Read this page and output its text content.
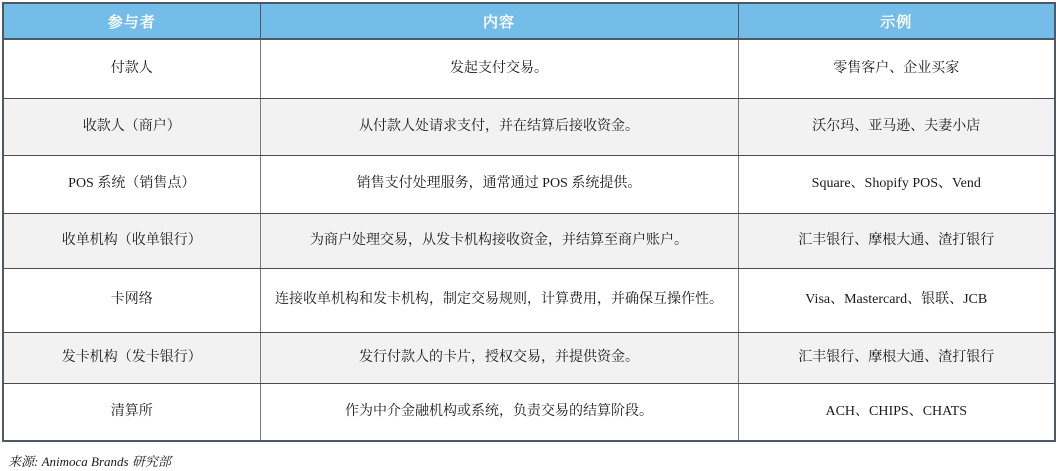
参与者	内容	示例
付款人	发起支付交易。	零售客户、企业买家
收款人（商户）	从付款人处请求支付，并在结算后接收资金。	沃尔玛、亚马逊、夫妻小店
POS 系统（销售点）	销售支付处理服务，通常通过 POS 系统提供。	Square、Shopify POS、Vend
收单机构（收单银行）	为商户处理交易，从发卡机构接收资金，并结算至商户账户。	汇丰银行、摩根大通、渣打银行
卡网络	连接收单机构和发卡机构，制定交易规则，计算费用，并确保互操作性。	Visa、Mastercard、银联、JCB
发卡机构（发卡银行）	发行付款人的卡片，授权交易，并提供资金。	汇丰银行、摩根大通、渣打银行
清算所	作为中介金融机构或系统，负责交易的结算阶段。	ACH、CHIPS、CHATS
来源: Animoca Brands 研究部
